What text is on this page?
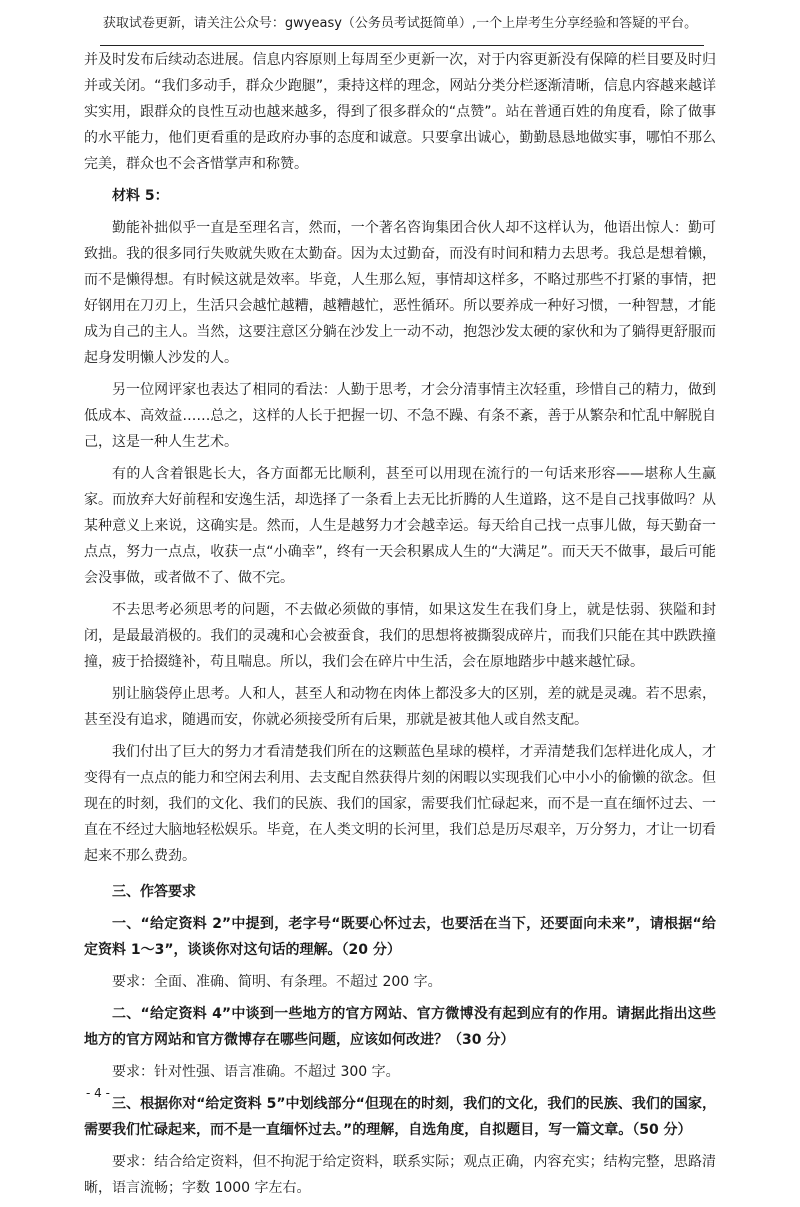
获取试卷更新，请关注公众号：gwyeasy（公务员考试挺简单）,一个上岸考生分享经验和答疑的平台。

并及时发布后续动态进展。信息内容原则上每周至少更新一次，对于内容更新没有保障的栏目要及时归并或关闭。“我们多动手，群众少跑腿”，秉持这样的理念，网站分类分栏逐渐清晰，信息内容越来越详实实用，跟群众的良性互动也越来越多，得到了很多群众的“点赞”。站在普通百姓的角度看，除了做事的水平能力，他们更看重的是政府办事的态度和诚意。只要拿出诚心，勤勤恳恳地做实事，哪怕不那么完美，群众也不会吝惜掌声和称赞。

材料 5：

勤能补拙似乎一直是至理名言，然而，一个著名咨询集团合伙人却不这样认为，他语出惊人：勤可致拙。我的很多同行失败就失败在太勤奋。因为太过勤奋，而没有时间和精力去思考。我总是想着懒，而不是懒得想。有时候这就是效率。毕竟，人生那么短，事情却这样多，不略过那些不打紧的事情，把好钢用在刀刃上，生活只会越忙越糟，越糟越忙，恶性循环。所以要养成一种好习惯，一种智慧，才能成为自己的主人。当然，这要注意区分躺在沙发上一动不动，抱怨沙发太硬的家伙和为了躺得更舒服而起身发明懒人沙发的人。

另一位网评家也表达了相同的看法：人勤于思考，才会分清事情主次轻重，珍惜自己的精力，做到低成本、高效益……总之，这样的人长于把握一切、不急不躁、有条不紊，善于从繁杂和忙乱中解脱自己，这是一种人生艺术。

有的人含着银匙长大，各方面都无比顺利，甚至可以用现在流行的一句话来形容——堪称人生赢家。而放弃大好前程和安逸生活，却选择了一条看上去无比折腾的人生道路，这不是自己找事做吗？从某种意义上来说，这确实是。然而，人生是越努力才会越幸运。每天给自己找一点事儿做，每天勤奋一点点，努力一点点，收获一点“小确幸”，终有一天会积累成人生的“大满足”。而天天不做事，最后可能会没事做，或者做不了、做不完。

不去思考必须思考的问题，不去做必须做的事情，如果这发生在我们身上，就是怯弱、狭隘和封闭，是最最消极的。我们的灵魂和心会被蚕食，我们的思想将被撕裂成碎片，而我们只能在其中跌跌撞撞，疲于拾掇缝补，苟且喘息。所以，我们会在碎片中生活，会在原地踏步中越来越忙碌。

别让脑袋停止思考。人和人，甚至人和动物在肉体上都没多大的区别，差的就是灵魂。若不思索，甚至没有追求，随遇而安，你就必须接受所有后果，那就是被其他人或自然支配。

我们付出了巨大的努力才看清楚我们所在的这颗蓝色星球的模样，才弄清楚我们怎样进化成人，才变得有一点点的能力和空闲去利用、去支配自然获得片刻的闲暇以实现我们心中小小的偷懒的欲念。但现在的时刻，我们的文化、我们的民族、我们的国家，需要我们忙碌起来，而不是一直在缅怀过去、一直在不经过大脑地轻松娱乐。毕竟，在人类文明的长河里，我们总是历尽艰辛，万分努力，才让一切看起来不那么费劲。

三、作答要求

一、“给定资料 2”中提到，老字号“既要心怀过去，也要活在当下，还要面向未来”，请根据“给定资料 1～3”，谈谈你对这句话的理解。（20 分）

要求：全面、准确、简明、有条理。不超过 200 字。

二、“给定资料 4”中谈到一些地方的官方网站、官方微博没有起到应有的作用。请据此指出这些地方的官方网站和官方微博存在哪些问题，应该如何改进？（30 分）

要求：针对性强、语言准确。不超过 300 字。

三、根据你对“给定资料 5”中划线部分“但现在的时刻，我们的文化，我们的民族、我们的国家，需要我们忙碌起来，而不是一直缅怀过去。”的理解，自选角度，自拟题目，写一篇文章。（50 分）

要求：结合给定资料，但不拘泥于给定资料，联系实际；观点正确，内容充实；结构完整，思路清晰，语言流畅；字数 1000 字左右。

- 4 -
